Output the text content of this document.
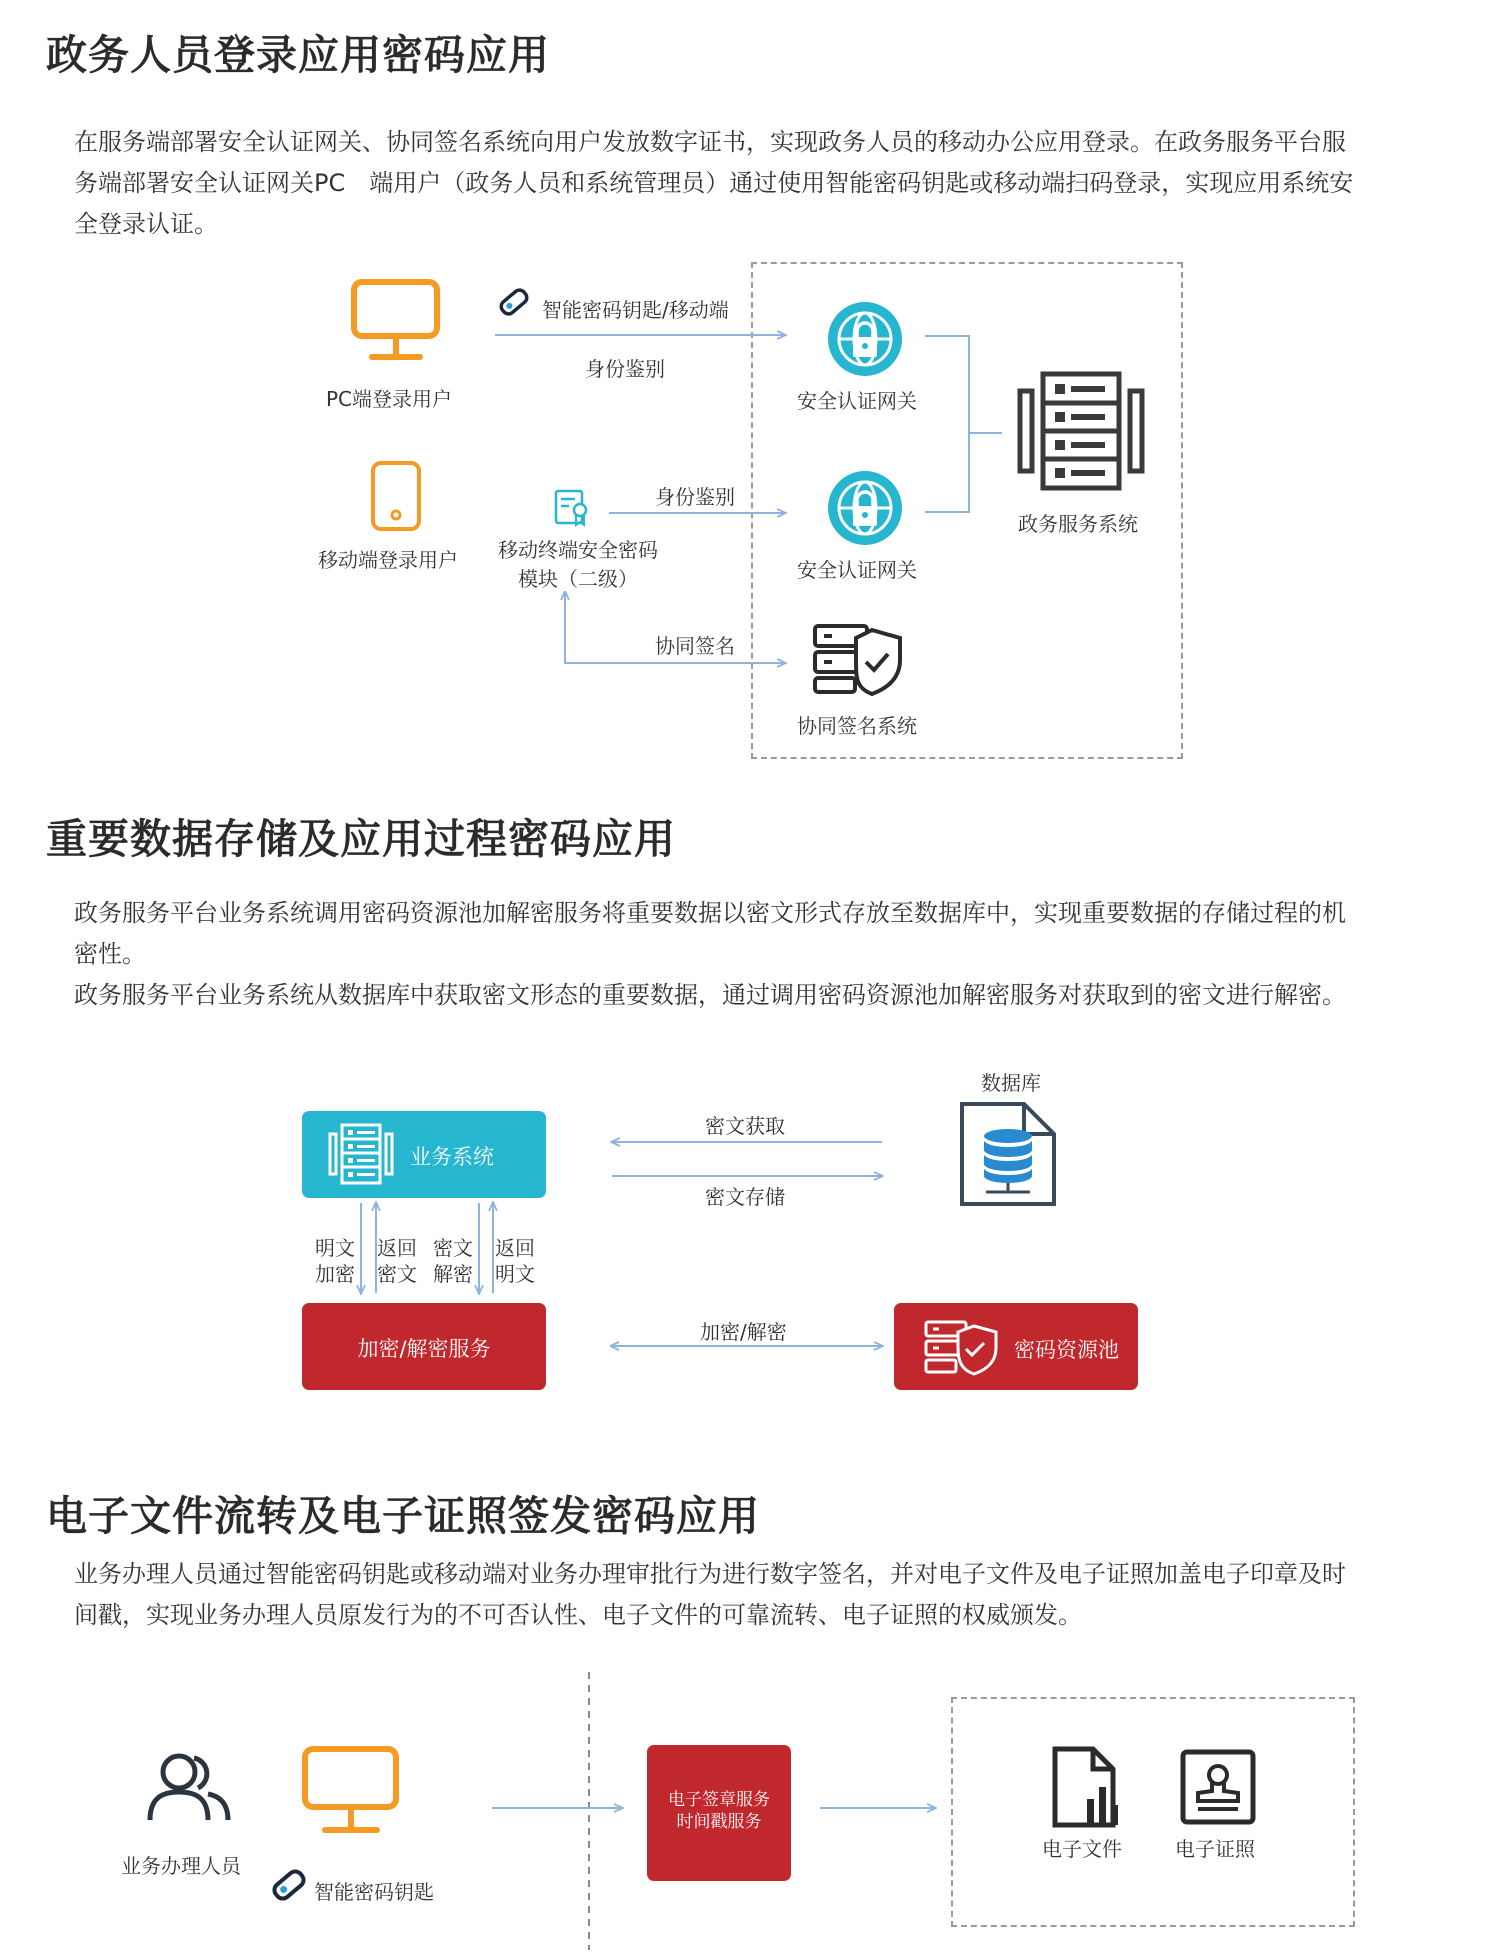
政务人员登录应用密码应用
在服务端部署安全认证网关、协同签名系统向用户发放数字证书，实现政务人员的移动办公应用登录。在政务服务平台服
务端部署安全认证网关PC　端用户（政务人员和系统管理员）通过使用智能密码钥匙或移动端扫码登录，实现应用系统安
全登录认证。
PC端登录用户
移动端登录用户
智能密码钥匙/移动端
身份鉴别
身份鉴别
移动终端安全密码
模块（二级）
协同签名
安全认证网关
安全认证网关
协同签名系统
政务服务系统
重要数据存储及应用过程密码应用
政务服务平台业务系统调用密码资源池加解密服务将重要数据以密文形式存放至数据库中，实现重要数据的存储过程的机
密性。
政务服务平台业务系统从数据库中获取密文形态的重要数据，通过调用密码资源池加解密服务对获取到的密文进行解密。
业务系统
数据库
密文获取
密文存储
明文
加密
返回
密文
密文
解密
返回
明文
加密/解密服务
加密/解密
密码资源池
电子文件流转及电子证照签发密码应用
业务办理人员通过智能密码钥匙或移动端对业务办理审批行为进行数字签名，并对电子文件及电子证照加盖电子印章及时
间戳，实现业务办理人员原发行为的不可否认性、电子文件的可靠流转、电子证照的权威颁发。
业务办理人员
智能密码钥匙
电子签章服务
时间戳服务
电子文件	电子证照
